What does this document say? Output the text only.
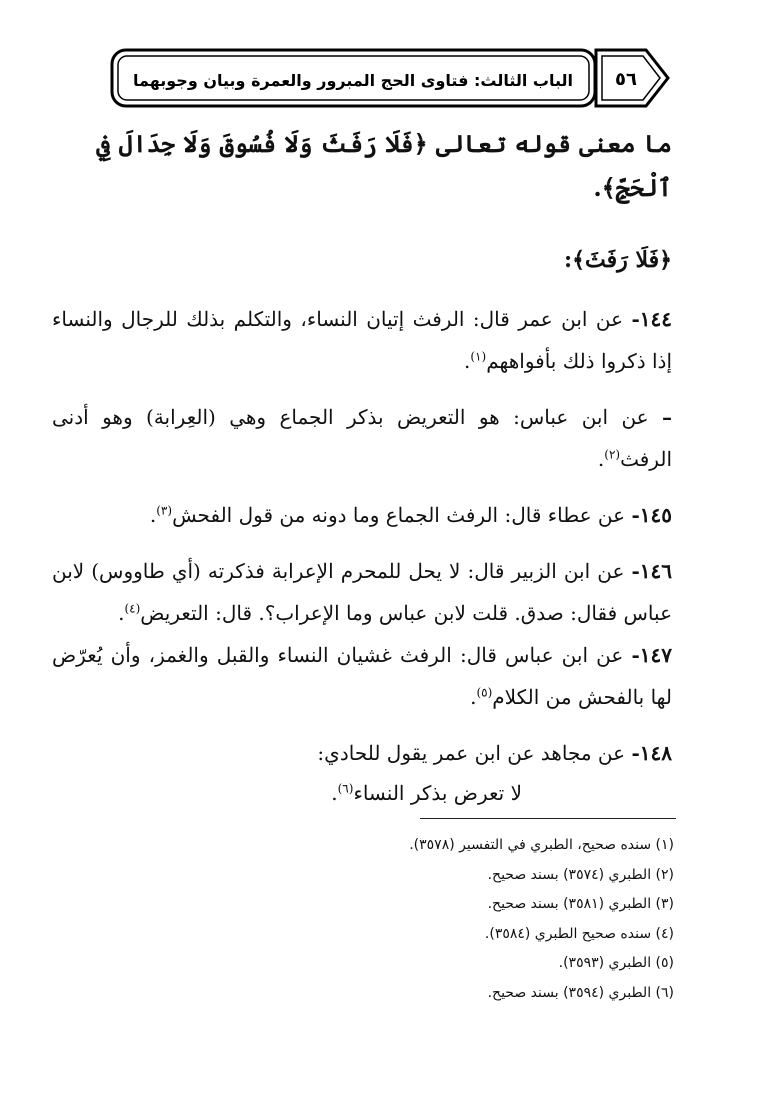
الباب الثالث: فتاوى الحج المبرور والعمرة وبيان وجوبهما	٥٦
ما معنى قوله تعالى ﴿فَلَا رَفَثَ وَلَا فُسُوقَ وَلَا جِدَالَ فِي ٱلْحَجِّ﴾.
﴿فَلَا رَفَثَ﴾:

١٤٤- عن ابن عمر قال: الرفث إتيان النساء، والتكلم بذلك للرجال والنساء إذا ذكروا ذلك بأفواههم$^{(١)}$.

– عن ابن عباس: هو التعريض بذكر الجماع وهي (العِرابة) وهو أدنى الرفث$^{(٢)}$.

١٤٥- عن عطاء قال: الرفث الجماع وما دونه من قول الفحش$^{(٣)}$.

١٤٦- عن ابن الزبير قال: لا يحل للمحرم الإعرابة فذكرته (أي طاووس) لابن عباس فقال: صدق. قلت لابن عباس وما الإعراب؟. قال: التعريض$^{(٤)}$.

١٤٧- عن ابن عباس قال: الرفث غشيان النساء والقبل والغمز، وأن يُعرّض لها بالفحش من الكلام$^{(٥)}$.

١٤٨- عن مجاهد عن ابن عمر يقول للحادي:

لا تعرض بذكر النساء$^{(٦)}$.
(١) سنده صحيح، الطبري في التفسير (٣٥٧٨).
(٢) الطبري (٣٥٧٤) بسند صحيح.
(٣) الطبري (٣٥٨١) بسند صحيح.
(٤) سنده صحيح الطبري (٣٥٨٤).
(٥) الطبري (٣٥٩٣).
(٦) الطبري (٣٥٩٤) بسند صحيح.
